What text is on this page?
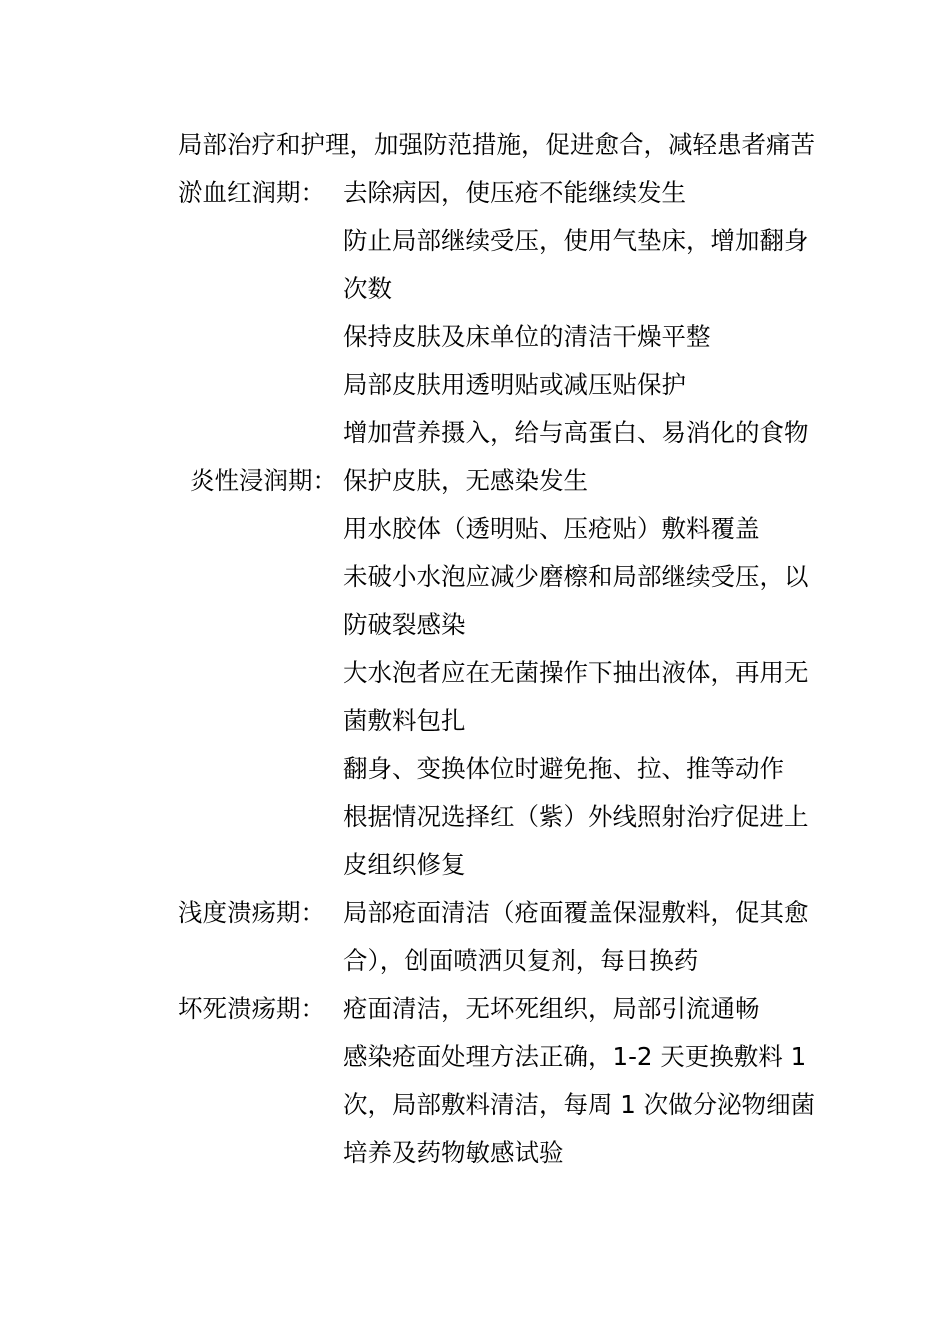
局部治疗和护理，加强防范措施，促进愈合，减轻患者痛苦
淤血红润期： 去除病因，使压疮不能继续发生
防止局部继续受压，使用气垫床，增加翻身
次数
保持皮肤及床单位的清洁干燥平整
局部皮肤用透明贴或减压贴保护
增加营养摄入，给与高蛋白、易消化的食物
炎性浸润期： 保护皮肤，无感染发生
用水胶体（透明贴、压疮贴）敷料覆盖
未破小水泡应减少磨檫和局部继续受压，以
防破裂感染
大水泡者应在无菌操作下抽出液体，再用无
菌敷料包扎
翻身、变换体位时避免拖、拉、推等动作
根据情况选择红（紫）外线照射治疗促进上
皮组织修复
浅度溃疡期： 局部疮面清洁（疮面覆盖保湿敷料，促其愈
合），创面喷洒贝复剂，每日换药
坏死溃疡期： 疮面清洁，无坏死组织，局部引流通畅
感染疮面处理方法正确，1-2 天更换敷料 1
次，局部敷料清洁，每周 1 次做分泌物细菌
培养及药物敏感试验
